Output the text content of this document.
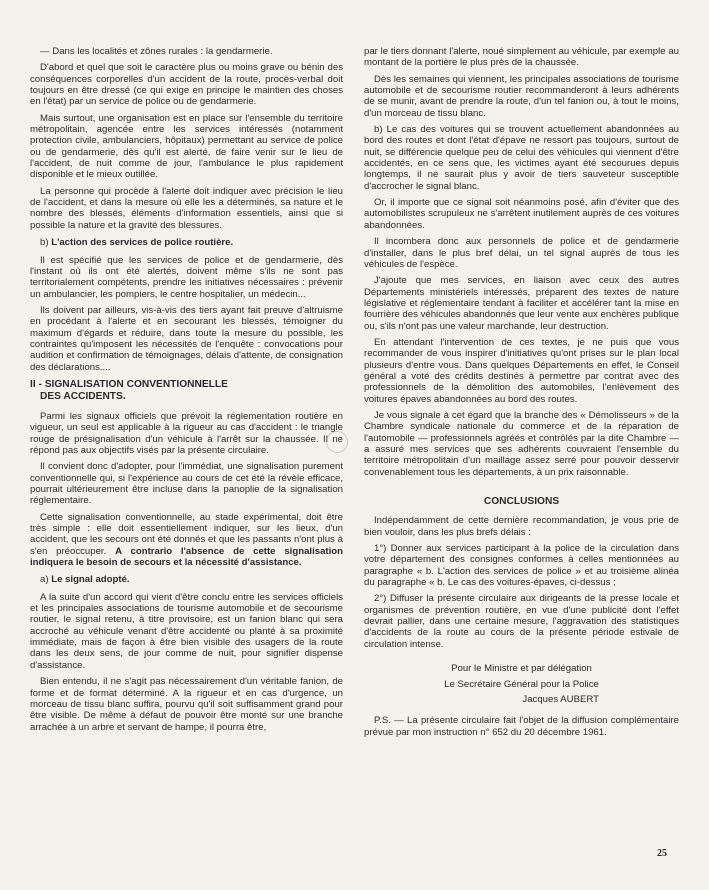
— Dans les localités et zônes rurales : la gendarmerie.

D'abord et quel que soit le caractère plus ou moins grave ou bénin des conséquences corporelles d'un accident de la route, procès-verbal doit toujours en être dressé (ce qui exige en principe le maintien des choses en l'état) par un service de police ou de gendarmerie.

Mais surtout, une organisation est en place sur l'ensemble du territoire métropolitain, agencée entre les services intéressés (notamment protection civile, ambulanciers, hôpitaux) permettant au service de police ou de gendarmerie, dès qu'il est alerté, de faire venir sur le lieu de l'accident, de nuit comme de jour, l'ambulance le plus rapidement disponible et le mieux outillée.

La personne qui procède à l'alerte doit indiquer avec précision le lieu de l'accident, et dans la mesure où elle les a déterminés, sa nature et le nombre des blessés, éléments d'information essentiels, ainsi que si possible la nature et la gravité des blessures.

b) L'action des services de police routière.

Il est spécifié que les services de police et de gendarmerie, dès l'instant où ils ont été alertés, doivent même s'ils ne sont pas territorialement compétents, prendre les initiatives nécessaires : prévenir un ambulancier, les pompiers, le centre hospitalier, un médecin...

Ils doivent par ailleurs, vis-à-vis des tiers ayant fait preuve d'altruisme en procédant à l'alerte et en secourant les blessés, témoigner du maximum d'égards et réduire, dans toute la mesure du possible, les contraintes qu'imposent les nécessités de l'enquête : convocations pour audition et confirmation de témoignages, délais d'attente, de consignation des déclarations....

II - SIGNALISATION CONVENTIONNELLE
DES ACCIDENTS.

Parmi les signaux officiels que prévoit la réglementation routière en vigueur, un seul est applicable à la rigueur au cas d'accident : le triangle rouge de présignalisation d'un véhicule à l'arrêt sur la chaussée. Il ne répond pas aux objectifs visés par la présente circulaire.

Il convient donc d'adopter, pour l'immédiat, une signalisation purement conventionnelle qui, si l'expérience au cours de cet été la révèle efficace, pourrait ultérieurement être incluse dans la panoplie de la signalisation réglementaire.

Cette signalisation conventionnelle, au stade expérimental, doit être très simple : elle doit essentiellement indiquer, sur les lieux, d'un accident, que les secours ont été donnés et que les passants n'ont plus à s'en préoccuper. A contrario l'absence de cette signalisation indiquera le besoin de secours et la nécessité d'assistance.

a) Le signal adopté.

A la suite d'un accord qui vient d'être conclu entre les services officiels et les principales associations de tourisme automobile et de secourisme routier, le signal retenu, à titre provisoire, est un fanion blanc qui sera accroché au véhicule venant d'être accidenté ou planté à sa proximité immédiate, mais de façon à être bien visible des usagers de la route dans les deux sens, de jour comme de nuit, pour signifier dispense d'assistance.

Bien entendu, il ne s'agit pas nécessairement d'un véritable fanion, de forme et de format déterminé. A la rigueur et en cas d'urgence, un morceau de tissu blanc suffira, pourvu qu'il soit suffisamment grand pour être visible. De même à défaut de pouvoir être monté sur une branche arrachée à un arbre et servant de hampe, il pourra être,

par le tiers donnant l'alerte, noué simplement au véhicule, par exemple au montant de la portière le plus près de la chaussée.

Dès les semaines qui viennent, les principales associations de tourisme automobile et de secourisme routier recommanderont à leurs adhérents de se munir, avant de prendre la route, d'un tel fanion ou, à tout le moins, d'un morceau de tissu blanc.

b) Le cas des voitures qui se trouvent actuellement abandonnées au bord des routes et dont l'état d'épave ne ressort pas toujours, surtout de nuit, se différencie quelque peu de celui des véhicules qui viennent d'être accidentés, en ce sens que, les victimes ayant été secourues depuis longtemps, il ne saurait plus y avoir de tiers sauveteur susceptible d'accrocher le signal blanc.

Or, il importe que ce signal soit néanmoins posé, afin d'éviter que des automobilistes scrupuleux ne s'arrêtent inutilement auprès de ces voitures abandonnées.

Il incombera donc aux personnels de police et de gendarmerie d'installer, dans le plus bref délai, un tel signal auprès de tous les véhicules de l'espèce.

J'ajoute que mes services, en liaison avec ceux des autres Départements ministériels intéressés, préparent des textes de nature législative et réglementaire tendant à faciliter et accélérer tant la mise en fourrière des véhicules abandonnés que leur vente aux enchères publique ou, s'ils n'ont pas une valeur marchande, leur destruction.

En attendant l'intervention de ces textes, je ne puis que vous recommander de vous inspirer d'initiatives qu'ont prises sur le plan local plusieurs d'entre vous. Dans quelques Départements en effet, le Conseil général a voté des crédits destinés à permettre par contrat avec des professionnels de la démolition des automobiles, l'enlèvement des voitures épaves abandonnées au bord des routes.

Je vous signale à cet égard que la branche des « Démolisseurs » de la Chambre syndicale nationale du commerce et de la réparation de l'automobile — professionnels agréés et contrôlés par la dite Chambre — a assuré mes services que ses adhérents couvraient l'ensemble du territoire métropolitain d'un maillage assez serré pour pouvoir desservir convenablement tous les départements, à un prix raisonnable.

CONCLUSIONS

Indépendamment de cette dernière recommandation, je vous prie de bien vouloir, dans les plus brefs délais :

1°) Donner aux services participant à la police de la circulation dans votre département des consignes conformes à celles mentionnées au paragraphe « b. L'action des services de police » et au troisième alinéa du paragraphe « b. Le cas des voitures-épaves, ci-dessus ;

2°) Diffuser la présente circulaire aux dirigeants de la presse locale et organismes de prévention routière, en vue d'une publicité dont l'effet devrait pallier, dans une certaine mesure, l'aggravation des statistiques d'accidents de la route au cours de la présente période estivale de circulation intense.

Pour le Ministre et par délégation
Le Secrétaire Général pour la Police
Jacques AUBERT

P.S. — La présente circulaire fait l'objet de la diffusion complémentaire prévue par mon instruction n° 652 du 20 décembre 1961.

25
